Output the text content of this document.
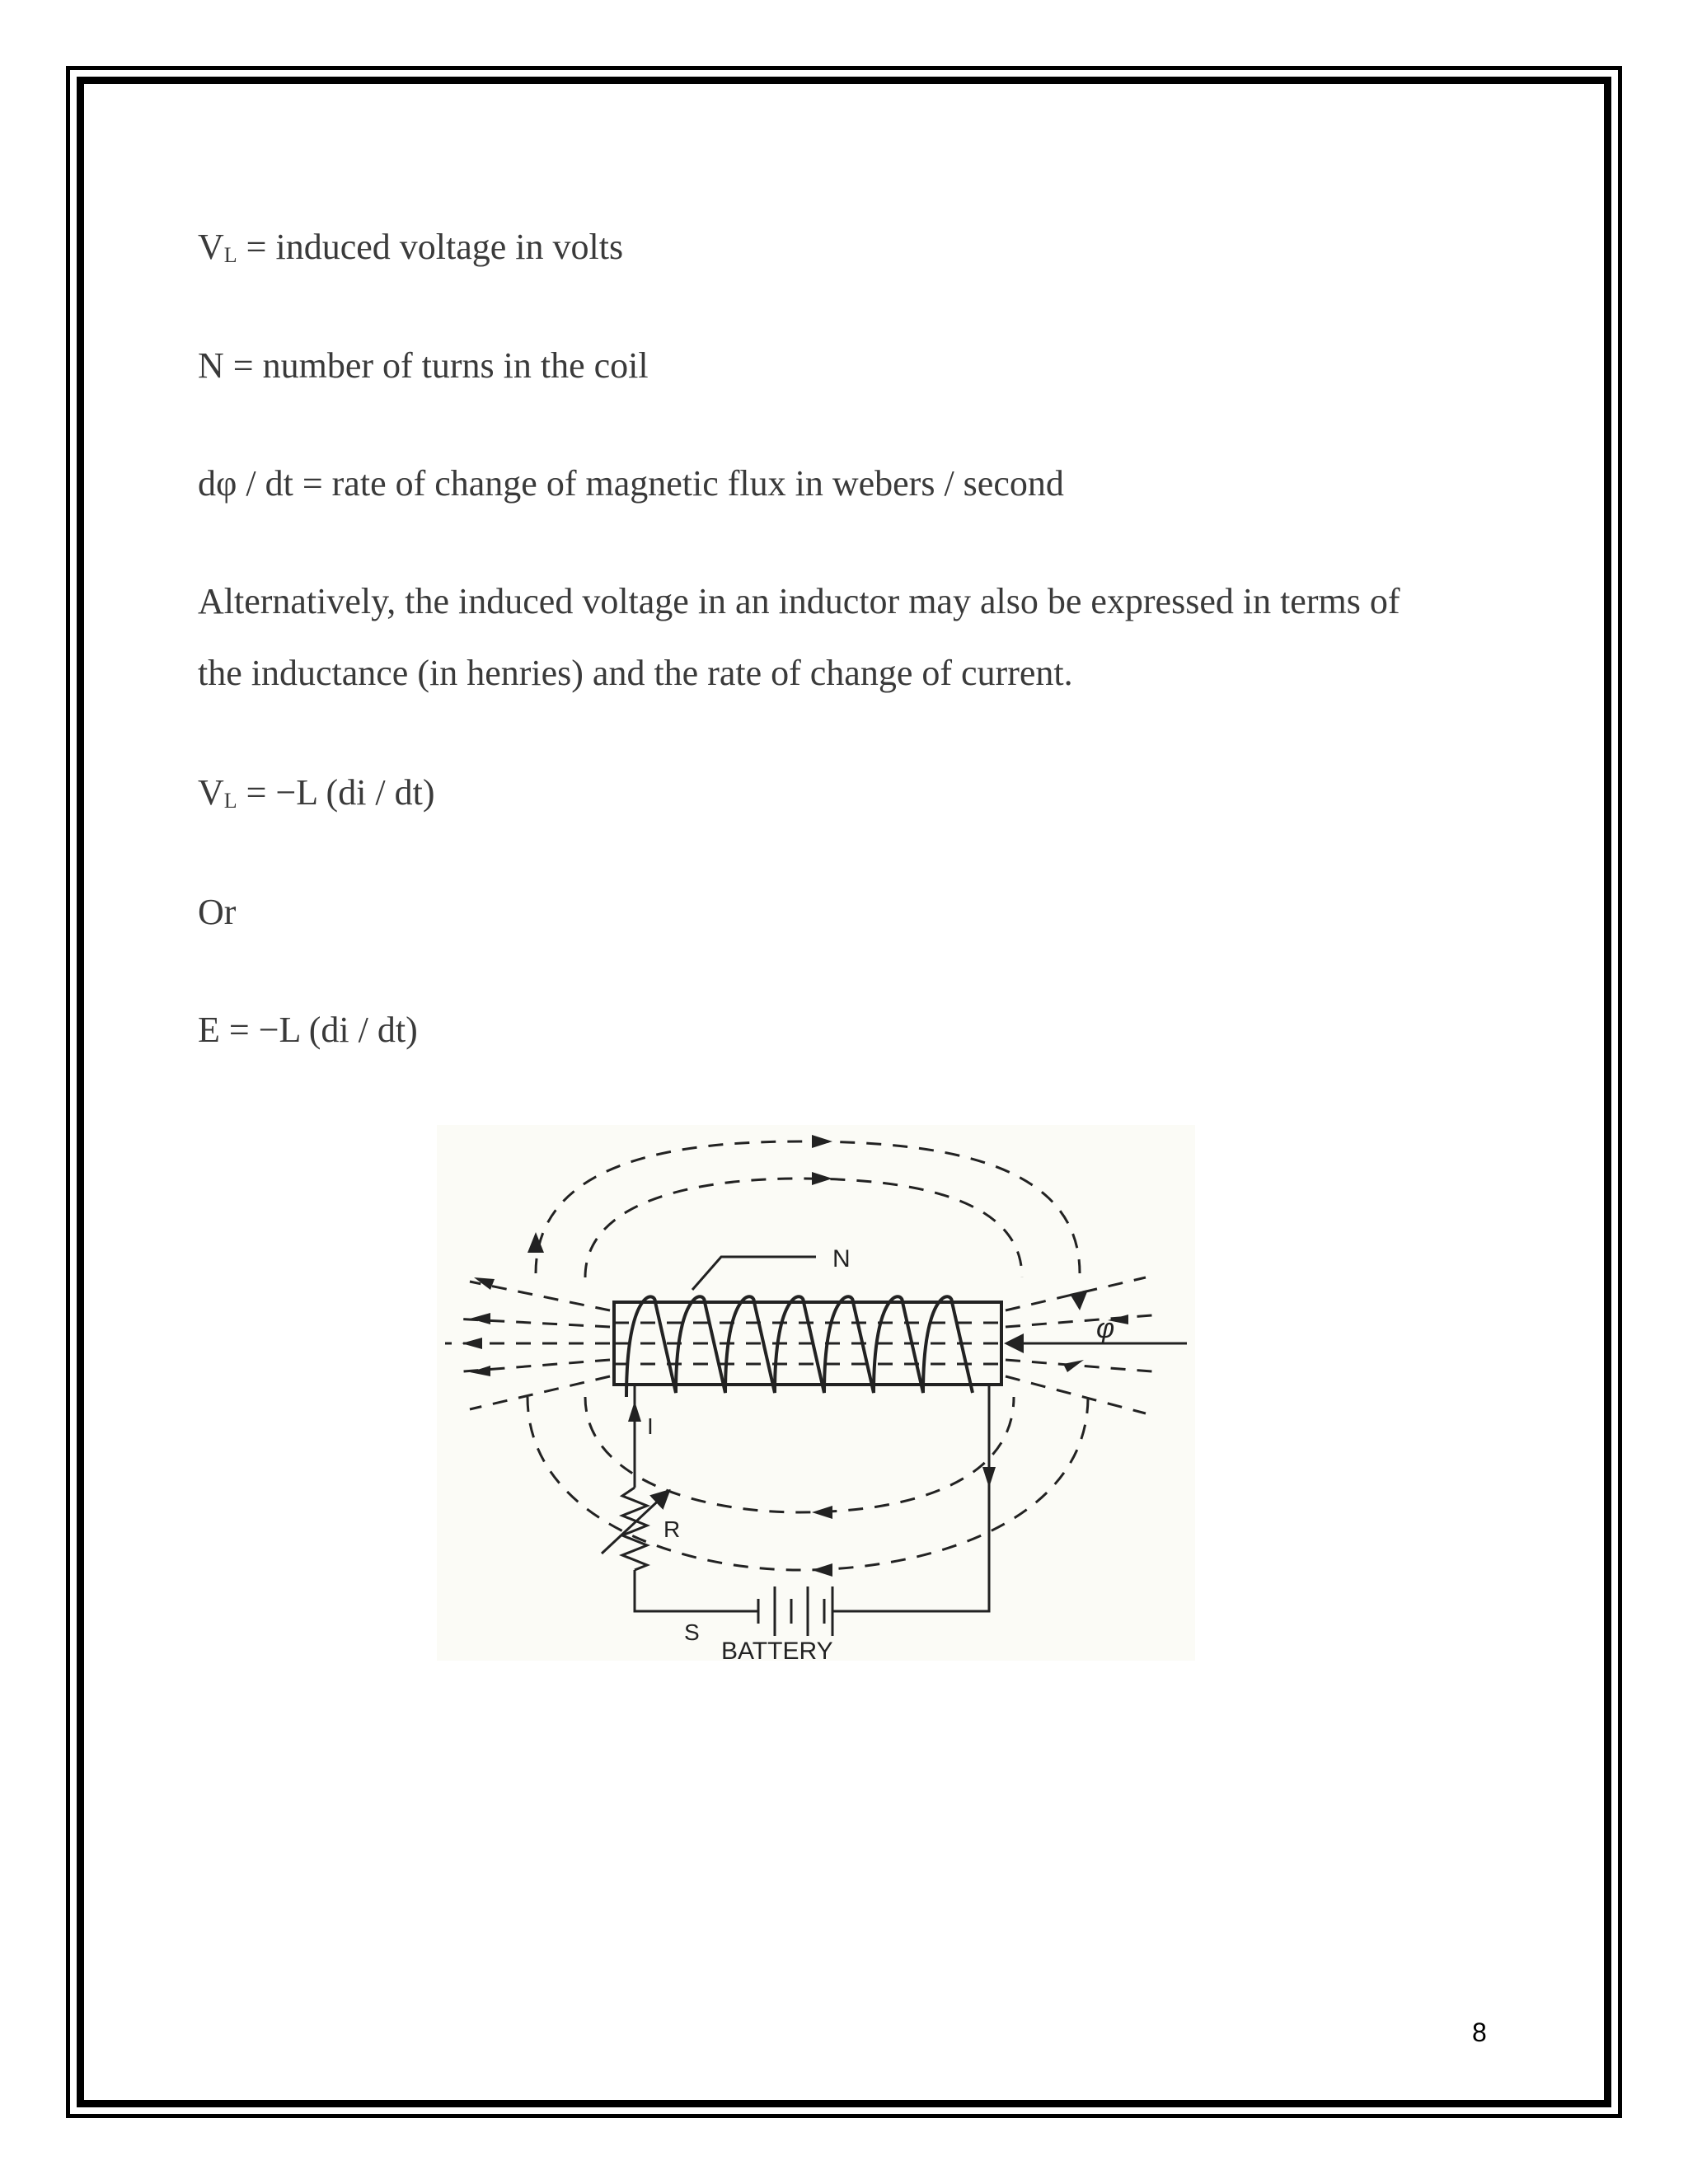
$V_L$ = induced voltage in volts
N = number of turns in the coil
dφ / dt = rate of change of magnetic flux in webers / second
Alternatively, the induced voltage in an inductor may also be expressed in terms of
the inductance (in henries) and the rate of change of current.
$V_L = -L$ (di / dt)
Or
E = −L (di / dt)
N
φ
I
R
S
BATTERY
8
